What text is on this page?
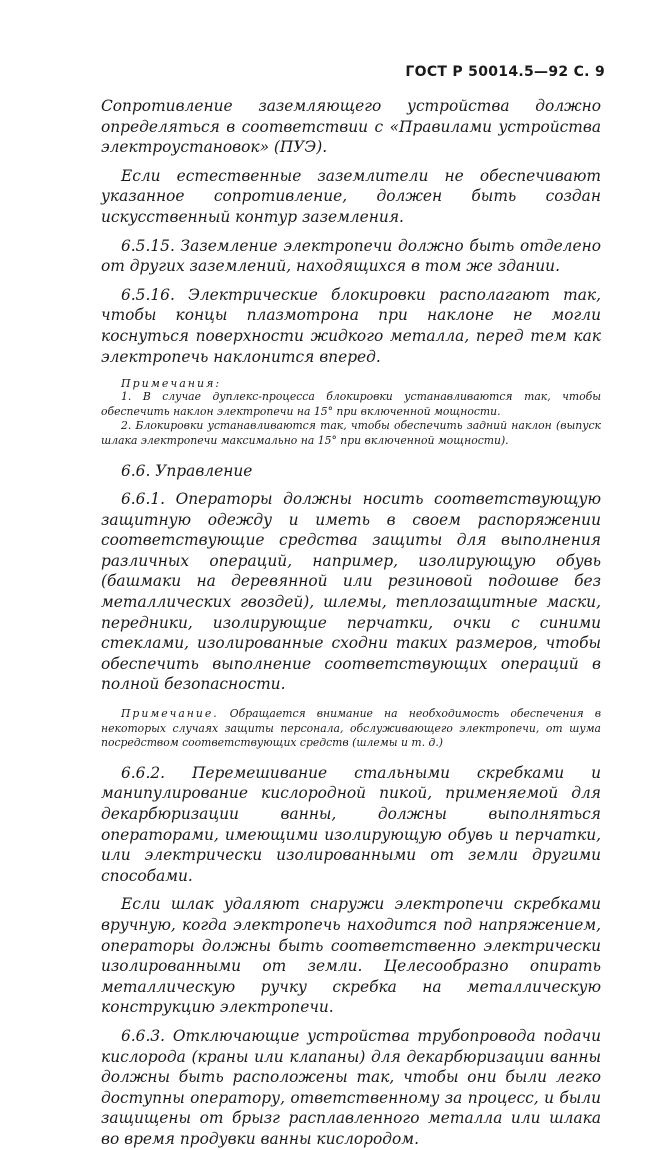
ГОСТ Р 50014.5—92 С. 9

Сопротивление заземляющего устройства должно определяться в соответствии с «Правилами устройства электроустановок» (ПУЭ).

Если естественные заземлители не обеспечивают указанное сопротивление, должен быть создан искусственный контур заземления.

6.5.15. Заземление электропечи должно быть отделено от других заземлений, находящихся в том же здании.

6.5.16. Электрические блокировки располагают так, чтобы концы плазмотрона при наклоне не могли коснуться поверхности жидкого металла, перед тем как электропечь наклонится вперед.

Примечания:

1. В случае дуплекс-процесса блокировки устанавливаются так, чтобы обеспечить наклон электропечи на 15° при включенной мощности.

2. Блокировки устанавливаются так, чтобы обеспечить задний наклон (выпуск шлака электропечи максимально на 15° при включенной мощности).

6.6. Управление

6.6.1. Операторы должны носить соответствующую защитную одежду и иметь в своем распоряжении соответствующие средства защиты для выполнения различных операций, например, изолирующую обувь (башмаки на деревянной или резиновой подошве без металлических гвоздей), шлемы, теплозащитные маски, передники, изолирующие перчатки, очки с синими стеклами, изолированные сходни таких размеров, чтобы обеспечить выполнение соответствующих операций в полной безопасности.

Примечание. Обращается внимание на необходимость обеспечения в некоторых случаях защиты персонала, обслуживающего электропечи, от шума посредством соответствующих средств (шлемы и т. д.)

6.6.2. Перемешивание стальными скребками и манипулирование кислородной пикой, применяемой для декарбюризации ванны, должны выполняться операторами, имеющими изолирующую обувь и перчатки, или электрически изолированными от земли другими способами.

Если шлак удаляют снаружи электропечи скребками вручную, когда электропечь находится под напряжением, операторы должны быть соответственно электрически изолированными от земли. Целесообразно опирать металлическую ручку скребка на металлическую конструкцию электропечи.

6.6.3. Отключающие устройства трубопровода подачи кислорода (краны или клапаны) для декарбюризации ванны должны быть расположены так, чтобы они были легко доступны оператору, ответственному за процесс, и были защищены от брызг расплавленного металла или шлака во время продувки ванны кислородом.
